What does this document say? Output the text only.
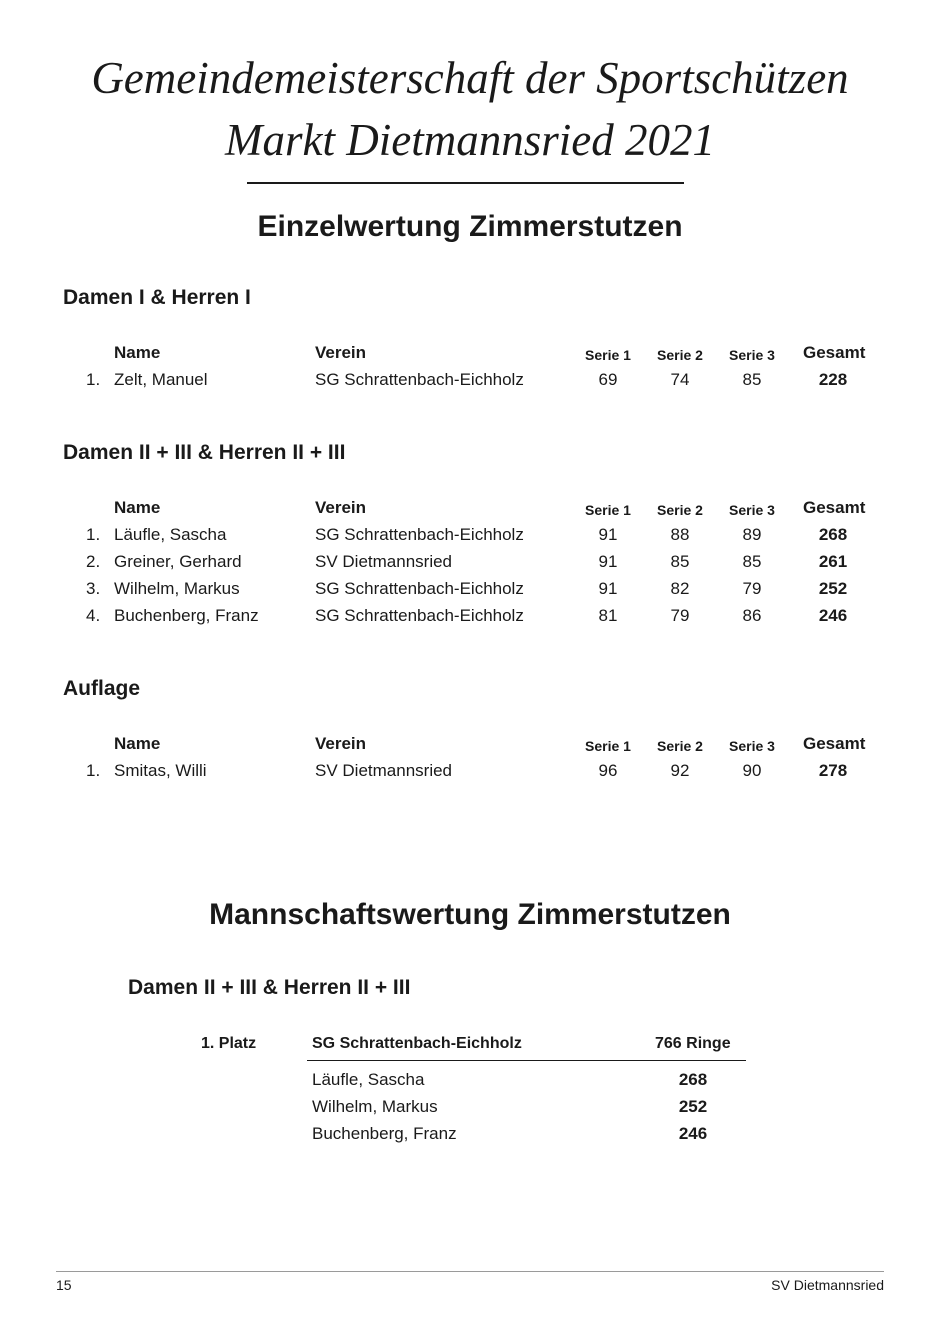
Gemeindemeisterschaft der Sportschützen
Markt Dietmannsried 2021
Einzelwertung Zimmerstutzen
Damen I & Herren I
Name	Verein	Serie 1	Serie 2	Serie 3	Gesamt
1. Zelt, Manuel	SG Schrattenbach-Eichholz	69	74	85	228
Damen II + III & Herren II + III
Name	Verein	Serie 1	Serie 2	Serie 3	Gesamt
1. Läufle, Sascha	SG Schrattenbach-Eichholz	91	88	89	268
2. Greiner, Gerhard	SV Dietmannsried	91	85	85	261
3. Wilhelm, Markus	SG Schrattenbach-Eichholz	91	82	79	252
4. Buchenberg, Franz	SG Schrattenbach-Eichholz	81	79	86	246
Auflage
Name	Verein	Serie 1	Serie 2	Serie 3	Gesamt
1. Smitas, Willi	SV Dietmannsried	96	92	90	278
Mannschaftswertung Zimmerstutzen
Damen II + III & Herren II + III
1. Platz	SG Schrattenbach-Eichholz	766 Ringe
Läufle, Sascha	268
Wilhelm, Markus	252
Buchenberg, Franz	246
15	SV Dietmannsried
